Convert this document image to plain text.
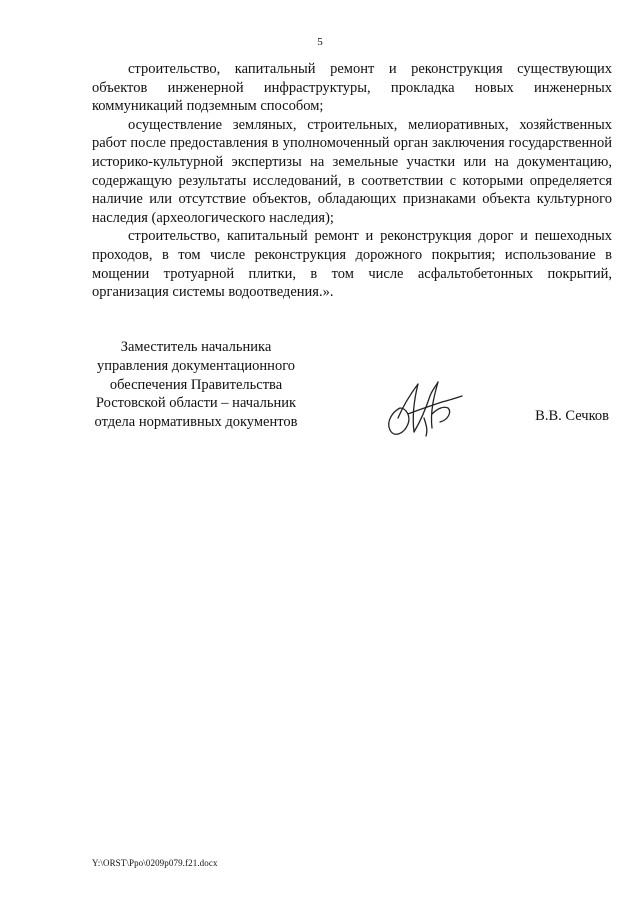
5

строительство, капитальный ремонт и реконструкция существующих объектов инженерной инфраструктуры, прокладка новых инженерных коммуникаций подземным способом;

осуществление земляных, строительных, мелиоративных, хозяйственных работ после предоставления в уполномоченный орган заключения государственной историко-культурной экспертизы на земельные участки или на документацию, содержащую результаты исследований, в соответствии с которыми определяется наличие или отсутствие объектов, обладающих признаками объекта культурного наследия (археологического наследия);

строительство, капитальный ремонт и реконструкция дорог и пешеходных проходов, в том числе реконструкция дорожного покрытия; использование в мощении тротуарной плитки, в том числе асфальтобетонных покрытий, организация системы водоотведения.».

Заместитель начальника
управления документационного
обеспечения Правительства
Ростовской области – начальник
отдела нормативных документов	В.В. Сечков
Y:\ORST\Ppo\0209p079.f21.docx
